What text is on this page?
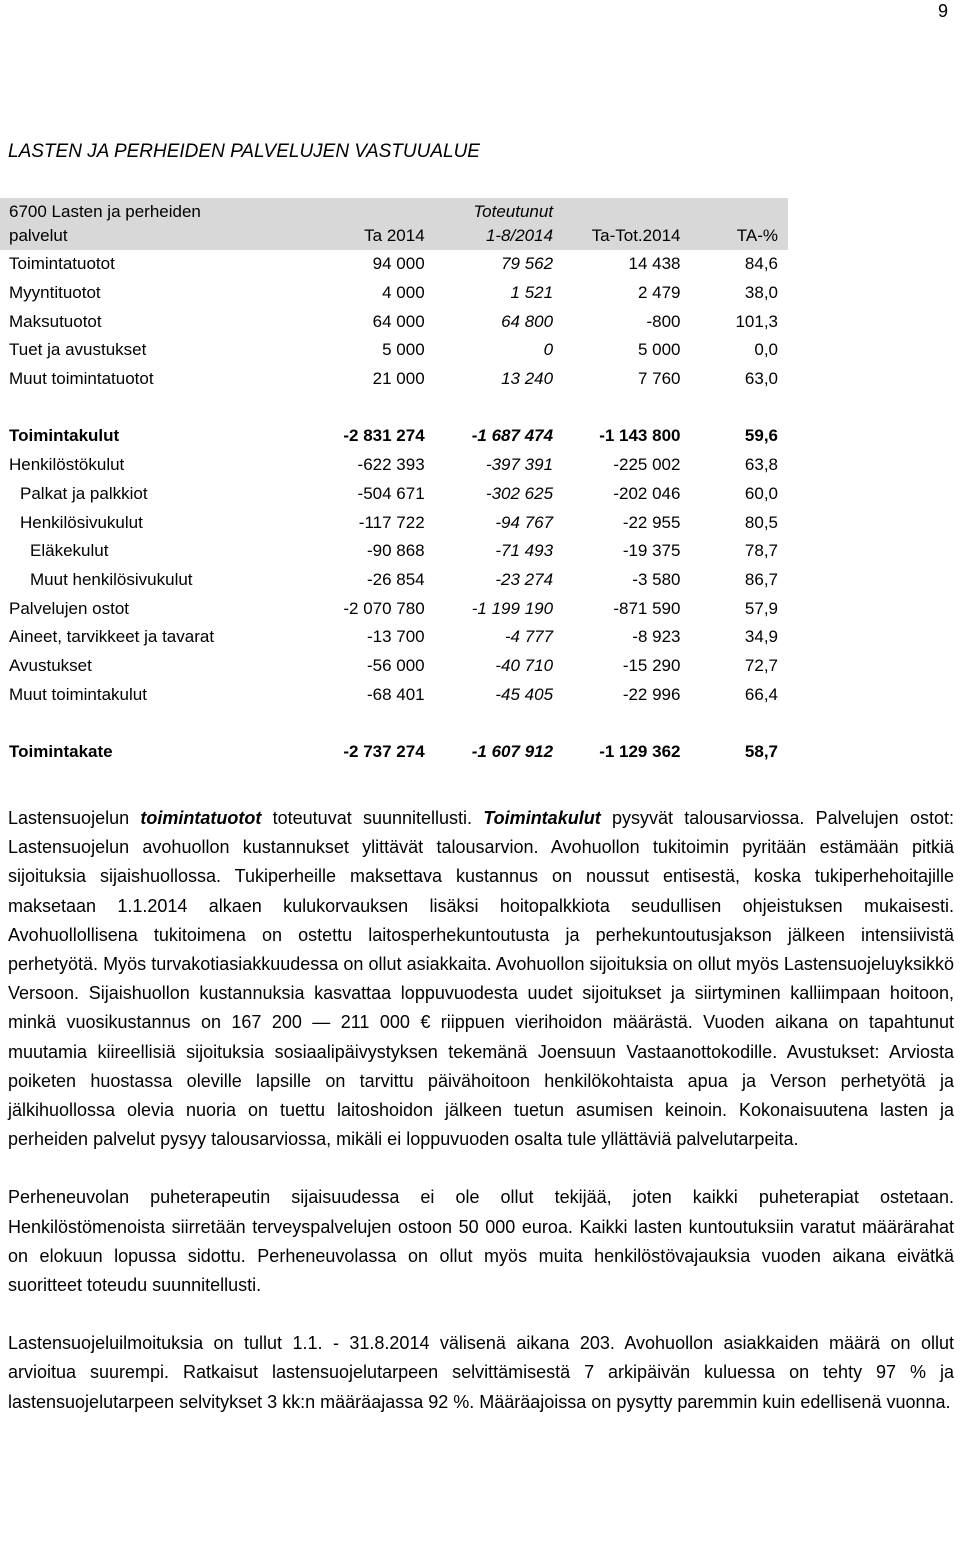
9
LASTEN JA PERHEIDEN PALVELUJEN VASTUUALUE
6700 Lasten ja perheiden		Toteutunut		
palvelut	Ta 2014	1-8/2014	Ta-Tot.2014	TA-%
Toimintatuotot	94 000	79 562	14 438	84,6
Myyntituotot	4 000	1 521	2 479	38,0
Maksutuotot	64 000	64 800	-800	101,3
Tuet ja avustukset	5 000	0	5 000	0,0
Muut toimintatuotot	21 000	13 240	7 760	63,0

Toimintakulut	-2 831 274	-1 687 474	-1 143 800	59,6
Henkilöstökulut	-622 393	-397 391	-225 002	63,8
Palkat ja palkkiot	-504 671	-302 625	-202 046	60,0
Henkilösivukulut	-117 722	-94 767	-22 955	80,5
Eläkekulut	-90 868	-71 493	-19 375	78,7
Muut henkilösivukulut	-26 854	-23 274	-3 580	86,7
Palvelujen ostot	-2 070 780	-1 199 190	-871 590	57,9
Aineet, tarvikkeet ja tavarat	-13 700	-4 777	-8 923	34,9
Avustukset	-56 000	-40 710	-15 290	72,7
Muut toimintakulut	-68 401	-45 405	-22 996	66,4

Toimintakate	-2 737 274	-1 607 912	-1 129 362	58,7

Lastensuojelun toimintatuotot toteutuvat suunnitellusti. Toimintakulut pysyvät talousarviossa. Palvelujen ostot: Lastensuojelun avohuollon kustannukset ylittävät talousarvion. Avohuollon tukitoimin pyritään estämään pitkiä sijoituksia sijaishuollossa. Tukiperheille maksettava kustannus on noussut entisestä, koska tukiperhehoitajille maksetaan 1.1.2014 alkaen kulukorvauksen lisäksi hoitopalkkiota seudullisen ohjeistuksen mukaisesti. Avohuollollisena tukitoimena on ostettu laitosperhekuntoutusta ja perhekuntoutusjakson jälkeen intensiivistä perhetyötä. Myös turvakotiasiakkuudessa on ollut asiakkaita. Avohuollon sijoituksia on ollut myös Lastensuojeluyksikkö Versoon. Sijaishuollon kustannuksia kasvattaa loppuvuodesta uudet sijoitukset ja siirtyminen kalliimpaan hoitoon, minkä vuosikustannus on 167 200 — 211 000 € riippuen vierihoidon määrästä. Vuoden aikana on tapahtunut muutamia kiireellisiä sijoituksia sosiaalipäivystyksen tekemänä Joensuun Vastaanottokodille. Avustukset: Arviosta poiketen huostassa oleville lapsille on tarvittu päivähoitoon henkilökohtaista apua ja Verson perhetyötä ja jälkihuollossa olevia nuoria on tuettu laitoshoidon jälkeen tuetun asumisen keinoin. Kokonaisuutena lasten ja perheiden palvelut pysyy talousarviossa, mikäli ei loppuvuoden osalta tule yllättäviä palvelutarpeita.

Perheneuvolan puheterapeutin sijaisuudessa ei ole ollut tekijää, joten kaikki puheterapiat ostetaan. Henkilöstömenoista siirretään terveyspalvelujen ostoon 50 000 euroa. Kaikki lasten kuntoutuksiin varatut määrärahat on elokuun lopussa sidottu. Perheneuvolassa on ollut myös muita henkilöstövajauksia vuoden aikana eivätkä suoritteet toteudu suunnitellusti.

Lastensuojeluilmoituksia on tullut 1.1. - 31.8.2014 välisenä aikana 203. Avohuollon asiakkaiden määrä on ollut arvioitua suurempi. Ratkaisut lastensuojelutarpeen selvittämisestä 7 arkipäivän kuluessa on tehty 97 % ja lastensuojelutarpeen selvitykset 3 kk:n määräajassa 92 %. Määräajoissa on pysytty paremmin kuin edellisenä vuonna.
